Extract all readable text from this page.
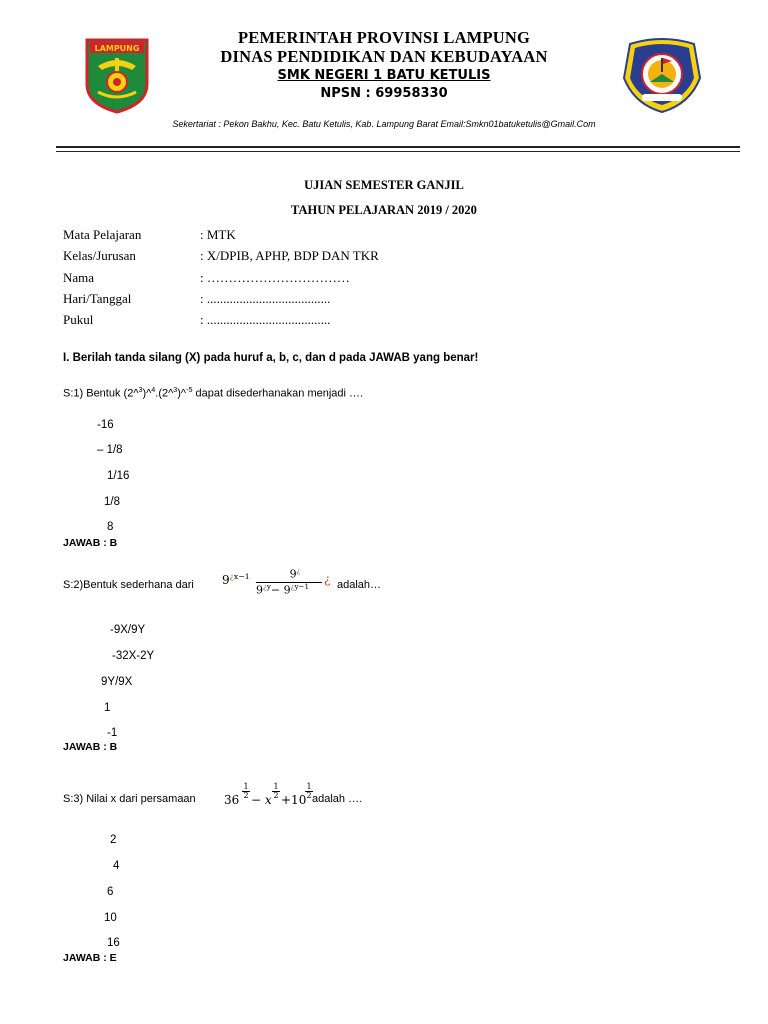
LAMPUNG
PEMERINTAH PROVINSI LAMPUNG
DINAS PENDIDIKAN DAN KEBUDAYAAN
SMK NEGERI 1 BATU KETULIS
NPSN : 69958330
Sekertariat : Pekon Bakhu, Kec. Batu Ketulis, Kab. Lampung Barat Email:Smkn01batuketulis@Gmail.Com
UJIAN SEMESTER GANJIL
TAHUN PELAJARAN 2019 / 2020
Mata Pelajaran	: MTK
Kelas/Jurusan	: X/DPIB, APHP, BDP DAN TKR
Nama	: ……………………………
Hari/Tanggal	: ......................................
Pukul	: ......................................
I. Berilah tanda silang (X) pada huruf a, b, c, dan d pada JAWAB yang benar!
S:1) Bentuk (2^$^3$)^$^4$.(2^$^3$)^$^{-5}$ dapat disederhanakan menjadi ….
-16
– 1/8
1/16
1/8
8
JAWAB : B
S:2)Bentuk sederhana dari $9^{¿x-1}$	9¿
$9^{¿y}- 9^{¿y-1}$
¿ adalah…
-9X/9Y
-32X-2Y
9Y/9X
1
-1
JAWAB : B
S:3) Nilai x dari persamaan 36
1

2 − x
1

2 +10
1

2 adalah ….
2
4
6
10
16
JAWAB : E
